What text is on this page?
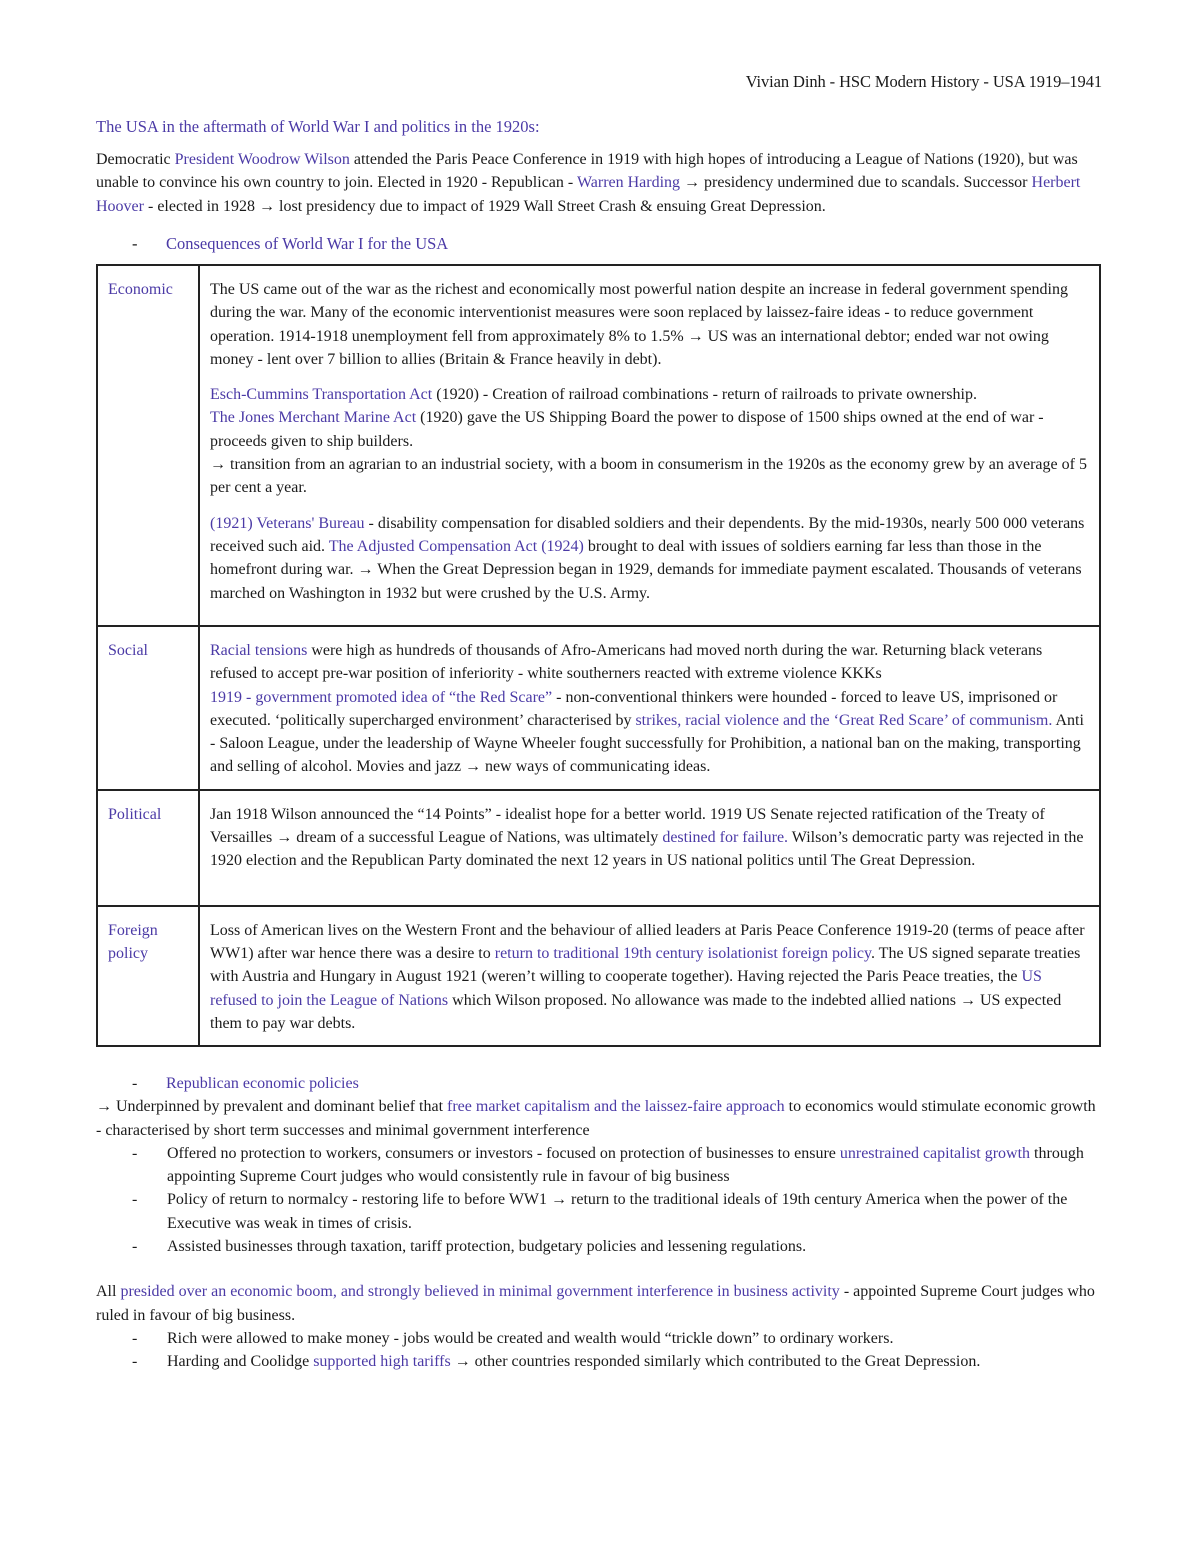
Vivian Dinh - HSC Modern History - USA 1919–1941
The USA in the aftermath of World War I and politics in the 1920s:
Democratic President Woodrow Wilson attended the Paris Peace Conference in 1919 with high hopes of introducing a League of Nations (1920), but was unable to convince his own country to join. Elected in 1920 - Republican - Warren Harding → presidency undermined due to scandals. Successor Herbert Hoover - elected in 1928 → lost presidency due to impact of 1929 Wall Street Crash & ensuing Great Depression.
- Consequences of World War I for the USA
Economic	The US came out of the war as the richest and economically most powerful nation despite an increase in federal government spending during the war. Many of the economic interventionist measures were soon replaced by laissez-faire ideas - to reduce government operation. 1914-1918 unemployment fell from approximately 8% to 1.5% → US was an international debtor; ended war not owing money - lent over 7 billion to allies (Britain & France heavily in debt).
Esch-Cummins Transportation Act (1920) - Creation of railroad combinations - return of railroads to private ownership.
The Jones Merchant Marine Act (1920) gave the US Shipping Board the power to dispose of 1500 ships owned at the end of war - proceeds given to ship builders.
→ transition from an agrarian to an industrial society, with a boom in consumerism in the 1920s as the economy grew by an average of 5 per cent a year.
(1921) Veterans' Bureau - disability compensation for disabled soldiers and their dependents. By the mid-1930s, nearly 500 000 veterans received such aid. The Adjusted Compensation Act (1924) brought to deal with issues of soldiers earning far less than those in the homefront during war. → When the Great Depression began in 1929, demands for immediate payment escalated. Thousands of veterans marched on Washington in 1932 but were crushed by the U.S. Army.

Social	Racial tensions were high as hundreds of thousands of Afro-Americans had moved north during the war. Returning black veterans refused to accept pre-war position of inferiority - white southerners reacted with extreme violence KKKs
1919 - government promoted idea of “the Red Scare” - non-conventional thinkers were hounded - forced to leave US, imprisoned or executed. ‘politically supercharged environment’ characterised by strikes, racial violence and the ‘Great Red Scare’ of communism. Anti - Saloon League, under the leadership of Wayne Wheeler fought successfully for Prohibition, a national ban on the making, transporting and selling of alcohol. Movies and jazz → new ways of communicating ideas.
Political	Jan 1918 Wilson announced the “14 Points” - idealist hope for a better world. 1919 US Senate rejected ratification of the Treaty of Versailles → dream of a successful League of Nations, was ultimately destined for failure. Wilson’s democratic party was rejected in the 1920 election and the Republican Party dominated the next 12 years in US national politics until The Great Depression.
Foreign policy	Loss of American lives on the Western Front and the behaviour of allied leaders at Paris Peace Conference 1919-20 (terms of peace after WW1) after war hence there was a desire to return to traditional 19th century isolationist foreign policy. The US signed separate treaties with Austria and Hungary in August 1921 (weren’t willing to cooperate together). Having rejected the Paris Peace treaties, the US refused to join the League of Nations which Wilson proposed. No allowance was made to the indebted allied nations → US expected them to pay war debts.
- Republican economic policies
→ Underpinned by prevalent and dominant belief that free market capitalism and the laissez-faire approach to economics would stimulate economic growth - characterised by short term successes and minimal government interference
- Offered no protection to workers, consumers or investors - focused on protection of businesses to ensure unrestrained capitalist growth through appointing Supreme Court judges who would consistently rule in favour of big business
- Policy of return to normalcy - restoring life to before WW1 → return to the traditional ideals of 19th century America when the power of the Executive was weak in times of crisis.
- Assisted businesses through taxation, tariff protection, budgetary policies and lessening regulations.
All presided over an economic boom, and strongly believed in minimal government interference in business activity - appointed Supreme Court judges who ruled in favour of big business.
- Rich were allowed to make money - jobs would be created and wealth would “trickle down” to ordinary workers.
- Harding and Coolidge supported high tariffs → other countries responded similarly which contributed to the Great Depression.
